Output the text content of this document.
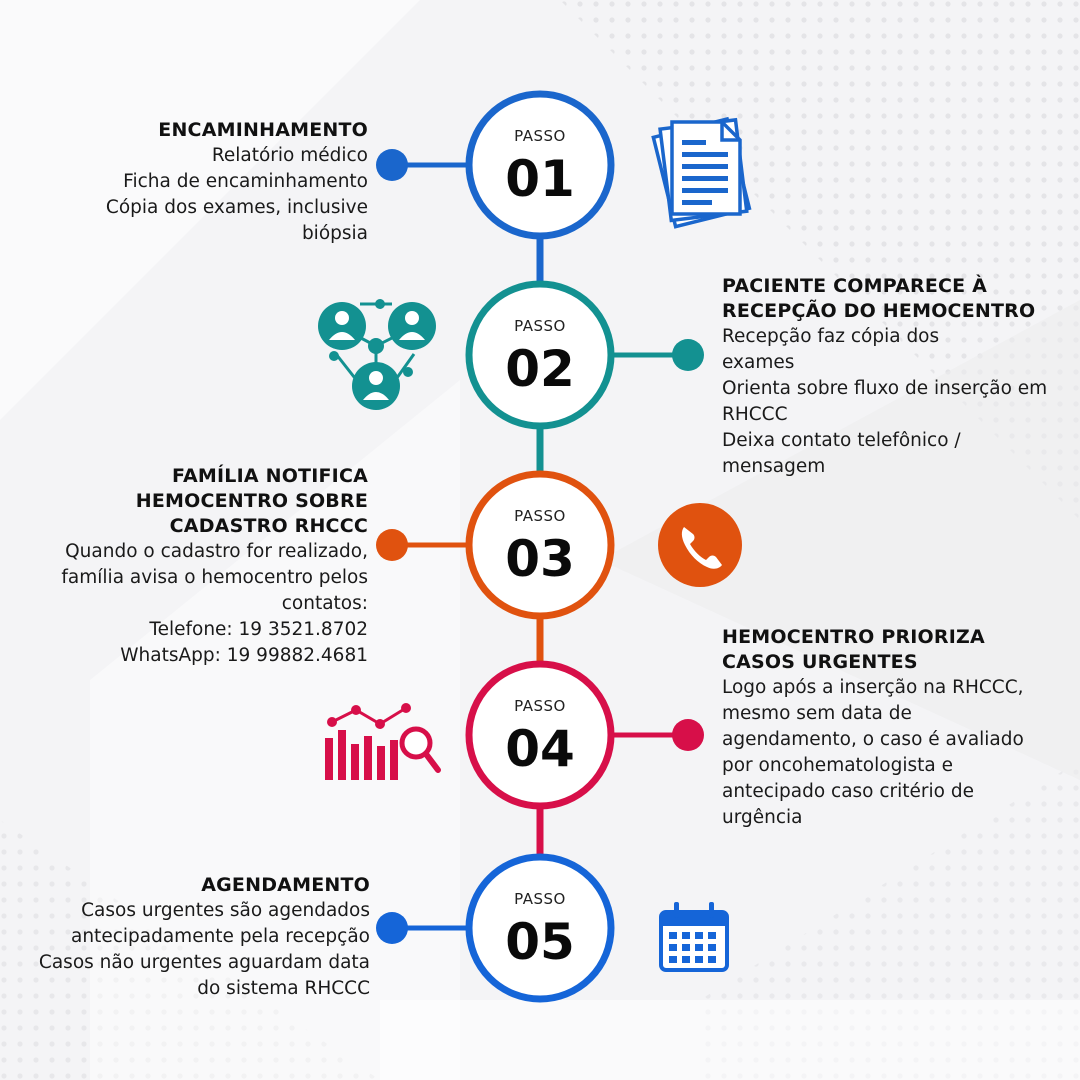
PASSO
01
PASSO
02
PASSO
03
PASSO
04
PASSO
05

ENCAMINHAMENTO

Relatório médico
Ficha de encaminhamento
Cópia dos exames, inclusive biópsia

PACIENTE COMPARECE À RECEPÇÃO DO HEMOCENTRO

Recepção faz cópia dos exames
Orienta sobre fluxo de inserção em RHCCC
Deixa contato telefônico / mensagem

FAMÍLIA NOTIFICA HEMOCENTRO SOBRE CADASTRO RHCCC

Quando o cadastro for realizado, família avisa o hemocentro pelos contatos:
Telefone: 19 3521.8702
WhatsApp: 19 99882.4681

HEMOCENTRO PRIORIZA CASOS URGENTES

Logo após a inserção na RHCCC, mesmo sem data de agendamento, o caso é avaliado por oncohematologista e antecipado caso critério de urgência

AGENDAMENTO

Casos urgentes são agendados antecipadamente pela recepção
Casos não urgentes aguardam data do sistema RHCCC
